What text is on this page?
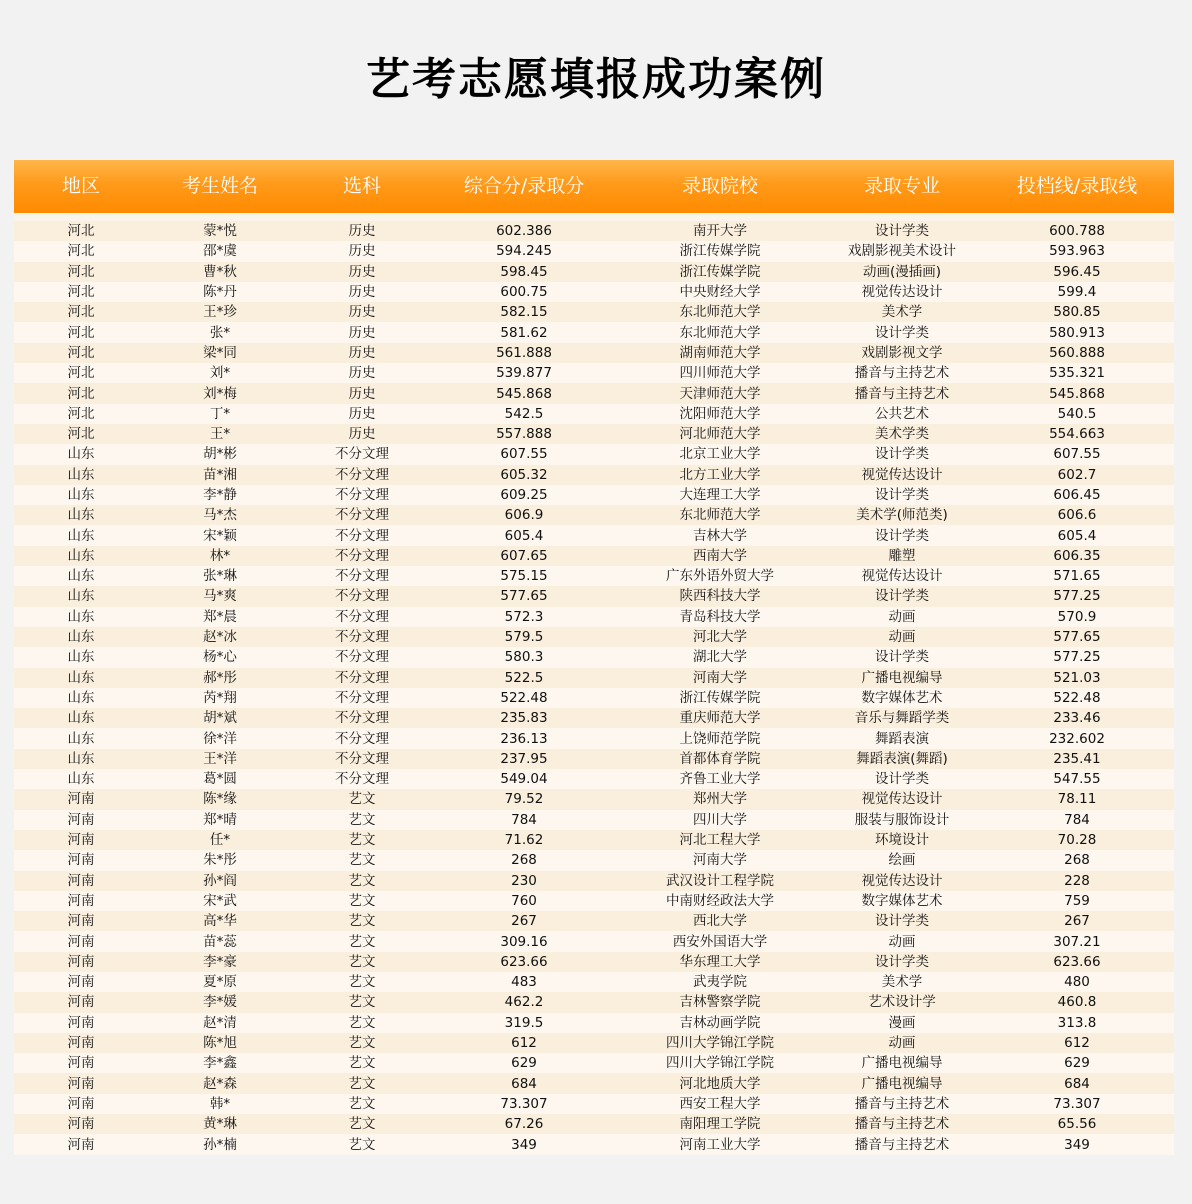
艺考志愿填报成功案例
地区	考生姓名	选科	综合分/录取分	录取院校	录取专业	投档线/录取线
河北	蒙*悦	历史	602.386	南开大学	设计学类	600.788
河北	邵*虞	历史	594.245	浙江传媒学院	戏剧影视美术设计	593.963
河北	曹*秋	历史	598.45	浙江传媒学院	动画(漫插画)	596.45
河北	陈*丹	历史	600.75	中央财经大学	视觉传达设计	599.4
河北	王*珍	历史	582.15	东北师范大学	美术学	580.85
河北	张*	历史	581.62	东北师范大学	设计学类	580.913
河北	梁*同	历史	561.888	湖南师范大学	戏剧影视文学	560.888
河北	刘*	历史	539.877	四川师范大学	播音与主持艺术	535.321
河北	刘*梅	历史	545.868	天津师范大学	播音与主持艺术	545.868
河北	丁*	历史	542.5	沈阳师范大学	公共艺术	540.5
河北	王*	历史	557.888	河北师范大学	美术学类	554.663
山东	胡*彬	不分文理	607.55	北京工业大学	设计学类	607.55
山东	苗*湘	不分文理	605.32	北方工业大学	视觉传达设计	602.7
山东	李*静	不分文理	609.25	大连理工大学	设计学类	606.45
山东	马*杰	不分文理	606.9	东北师范大学	美术学(师范类)	606.6
山东	宋*颖	不分文理	605.4	吉林大学	设计学类	605.4
山东	林*	不分文理	607.65	西南大学	雕塑	606.35
山东	张*琳	不分文理	575.15	广东外语外贸大学	视觉传达设计	571.65
山东	马*爽	不分文理	577.65	陕西科技大学	设计学类	577.25
山东	郑*晨	不分文理	572.3	青岛科技大学	动画	570.9
山东	赵*冰	不分文理	579.5	河北大学	动画	577.65
山东	杨*心	不分文理	580.3	湖北大学	设计学类	577.25
山东	郝*彤	不分文理	522.5	河南大学	广播电视编导	521.03
山东	芮*翔	不分文理	522.48	浙江传媒学院	数字媒体艺术	522.48
山东	胡*斌	不分文理	235.83	重庆师范大学	音乐与舞蹈学类	233.46
山东	徐*洋	不分文理	236.13	上饶师范学院	舞蹈表演	232.602
山东	王*洋	不分文理	237.95	首都体育学院	舞蹈表演(舞蹈)	235.41
山东	葛*圆	不分文理	549.04	齐鲁工业大学	设计学类	547.55
河南	陈*缘	艺文	79.52	郑州大学	视觉传达设计	78.11
河南	郑*晴	艺文	784	四川大学	服装与服饰设计	784
河南	任*	艺文	71.62	河北工程大学	环境设计	70.28
河南	朱*彤	艺文	268	河南大学	绘画	268
河南	孙*阎	艺文	230	武汉设计工程学院	视觉传达设计	228
河南	宋*武	艺文	760	中南财经政法大学	数字媒体艺术	759
河南	高*华	艺文	267	西北大学	设计学类	267
河南	苗*蕊	艺文	309.16	西安外国语大学	动画	307.21
河南	李*豪	艺文	623.66	华东理工大学	设计学类	623.66
河南	夏*原	艺文	483	武夷学院	美术学	480
河南	李*媛	艺文	462.2	吉林警察学院	艺术设计学	460.8
河南	赵*清	艺文	319.5	吉林动画学院	漫画	313.8
河南	陈*旭	艺文	612	四川大学锦江学院	动画	612
河南	李*鑫	艺文	629	四川大学锦江学院	广播电视编导	629
河南	赵*森	艺文	684	河北地质大学	广播电视编导	684
河南	韩*	艺文	73.307	西安工程大学	播音与主持艺术	73.307
河南	黄*琳	艺文	67.26	南阳理工学院	播音与主持艺术	65.56
河南	孙*楠	艺文	349	河南工业大学	播音与主持艺术	349
